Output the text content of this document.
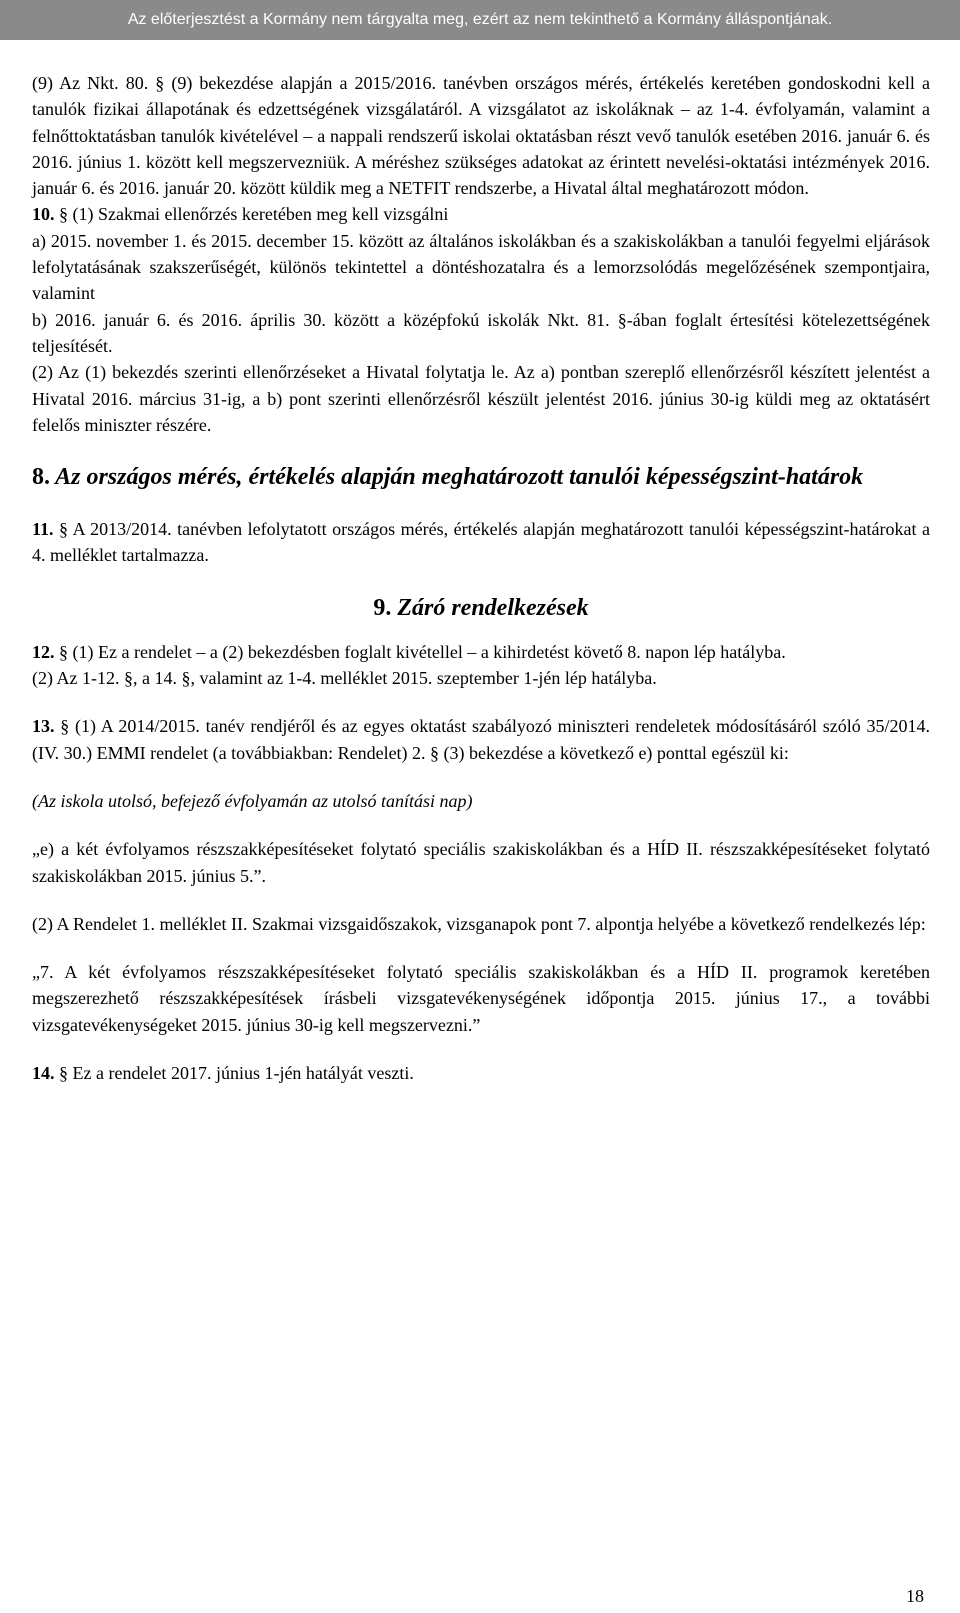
Az előterjesztést a Kormány nem tárgyalta meg, ezért az nem tekinthető a Kormány álláspontjának.

(9) Az Nkt. 80. § (9) bekezdése alapján a 2015/2016. tanévben országos mérés, értékelés keretében gondoskodni kell a tanulók fizikai állapotának és edzettségének vizsgálatáról. A vizsgálatot az iskoláknak – az 1-4. évfolyamán, valamint a felnőttoktatásban tanulók kivételével – a nappali rendszerű iskolai oktatásban részt vevő tanulók esetében 2016. január 6. és 2016. június 1. között kell megszervezniük. A méréshez szükséges adatokat az érintett nevelési-oktatási intézmények 2016. január 6. és 2016. január 20. között küldik meg a NETFIT rendszerbe, a Hivatal által meghatározott módon.

10. § (1) Szakmai ellenőrzés keretében meg kell vizsgálni

a) 2015. november 1. és 2015. december 15. között az általános iskolákban és a szakiskolákban a tanulói fegyelmi eljárások lefolytatásának szakszerűségét, különös tekintettel a döntéshozatalra és a lemorzsolódás megelőzésének szempontjaira, valamint

b) 2016. január 6. és 2016. április 30. között a középfokú iskolák Nkt. 81. §-ában foglalt értesítési kötelezettségének teljesítését.

(2) Az (1) bekezdés szerinti ellenőrzéseket a Hivatal folytatja le. Az a) pontban szereplő ellenőrzésről készített jelentést a Hivatal 2016. március 31-ig, a b) pont szerinti ellenőrzésről készült jelentést 2016. június 30-ig küldi meg az oktatásért felelős miniszter részére.

8. Az országos mérés, értékelés alapján meghatározott tanulói képességszint-határok

11. § A 2013/2014. tanévben lefolytatott országos mérés, értékelés alapján meghatározott tanulói képességszint-határokat a 4. melléklet tartalmazza.

9. Záró rendelkezések

12. § (1) Ez a rendelet – a (2) bekezdésben foglalt kivétellel – a kihirdetést követő 8. napon lép hatályba.

(2) Az 1-12. §, a 14. §, valamint az 1-4. melléklet 2015. szeptember 1-jén lép hatályba.

13. § (1) A 2014/2015. tanév rendjéről és az egyes oktatást szabályozó miniszteri rendeletek módosításáról szóló 35/2014. (IV. 30.) EMMI rendelet (a továbbiakban: Rendelet) 2. § (3) bekezdése a következő e) ponttal egészül ki:

(Az iskola utolsó, befejező évfolyamán az utolsó tanítási nap)

„e) a két évfolyamos részszakképesítéseket folytató speciális szakiskolákban és a HÍD II. részszakképesítéseket folytató szakiskolákban 2015. június 5.”.

(2) A Rendelet 1. melléklet II. Szakmai vizsgaidőszakok, vizsganapok pont 7. alpontja helyébe a következő rendelkezés lép:

„7. A két évfolyamos részszakképesítéseket folytató speciális szakiskolákban és a HÍD II. programok keretében megszerezhető részszakképesítések írásbeli vizsgatevékenységének időpontja 2015. június 17., a további vizsgatevékenységeket 2015. június 30-ig kell megszervezni.”

14. § Ez a rendelet 2017. június 1-jén hatályát veszti.

18
